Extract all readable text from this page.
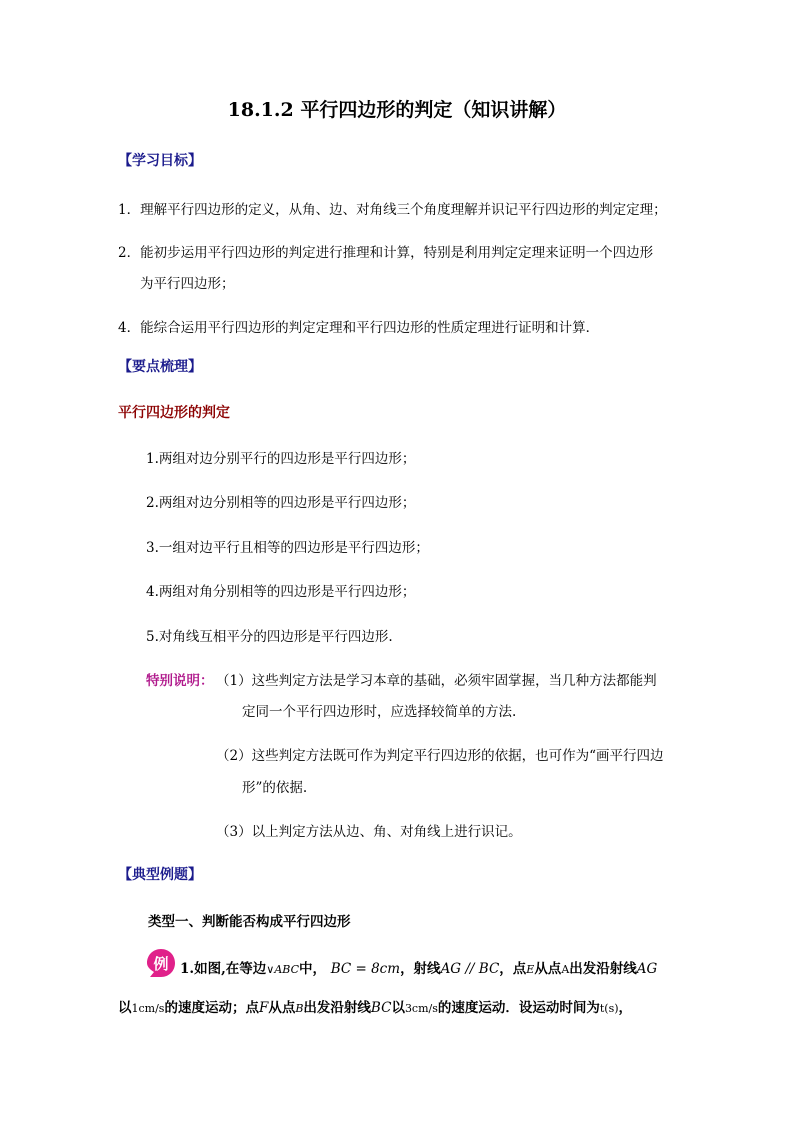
18.1.2 平行四边形的判定（知识讲解）
【学习目标】
1．理解平行四边形的定义，从角、边、对角线三个角度理解并识记平行四边形的判定定理；
2．能初步运用平行四边形的判定进行推理和计算，特别是利用判定定理来证明一个四边形
为平行四边形；
4．能综合运用平行四边形的判定定理和平行四边形的性质定理进行证明和计算．
【要点梳理】
平行四边形的判定
1.两组对边分别平行的四边形是平行四边形；
2.两组对边分别相等的四边形是平行四边形；
3.一组对边平行且相等的四边形是平行四边形；
4.两组对角分别相等的四边形是平行四边形；
5.对角线互相平分的四边形是平行四边形.
特别说明： （1）这些判定方法是学习本章的基础，必须牢固掌握，当几种方法都能判
定同一个平行四边形时，应选择较简单的方法.
（2）这些判定方法既可作为判定平行四边形的依据，也可作为“画平行四边
形”的依据.
（3）以上判定方法从边、角、对角线上进行识记。
【典型例题】
类型一、判断能否构成平行四边形
例 1.如图,在等边∨ABC中， BC = 8cm，射线AG // BC，点E从点A出发沿射线AG
以1cm/s的速度运动；点F从点B出发沿射线BC以3cm/s的速度运动．设运动时间为t(s)，
